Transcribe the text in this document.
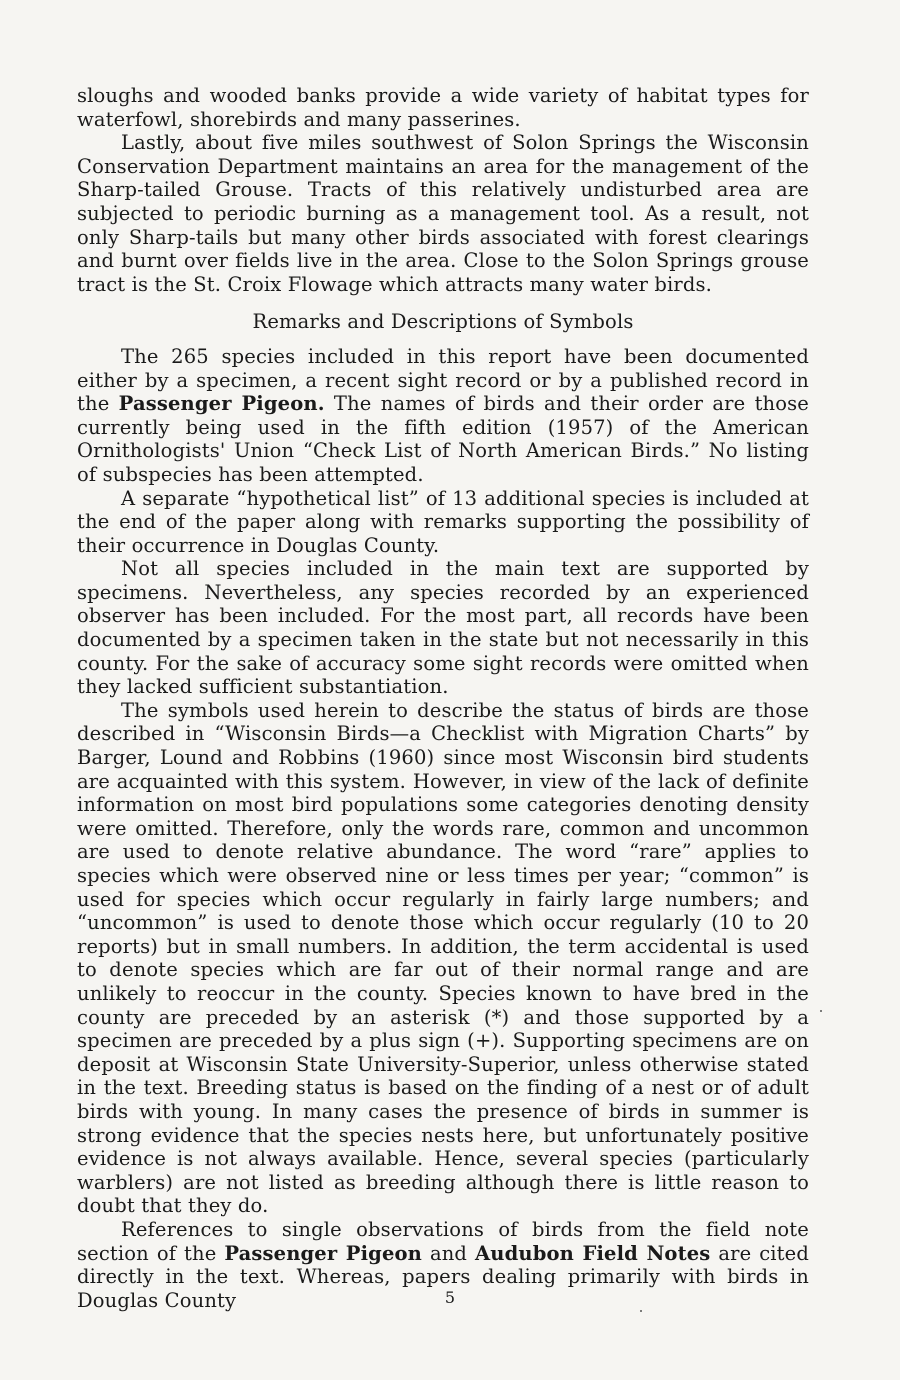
sloughs and wooded banks provide a wide variety of habitat types for waterfowl, shorebirds and many passerines.

Lastly, about five miles southwest of Solon Springs the Wisconsin Conservation Department maintains an area for the management of the Sharp-tailed Grouse. Tracts of this relatively undisturbed area are subjected to periodic burning as a management tool. As a result, not only Sharp-tails but many other birds associated with forest clearings and burnt over fields live in the area. Close to the Solon Springs grouse tract is the St. Croix Flowage which attracts many water birds.

Remarks and Descriptions of Symbols

The 265 species included in this report have been documented either by a specimen, a recent sight record or by a published record in the Passenger Pigeon. The names of birds and their order are those currently being used in the fifth edition (1957) of the American Ornithologists' Union “Check List of North American Birds.” No listing of subspecies has been attempted.

A separate “hypothetical list” of 13 additional species is included at the end of the paper along with remarks supporting the possibility of their occurrence in Douglas County.

Not all species included in the main text are supported by specimens. Nevertheless, any species recorded by an experienced observer has been included. For the most part, all records have been documented by a specimen taken in the state but not necessarily in this county. For the sake of accuracy some sight records were omitted when they lacked sufficient substantiation.

The symbols used herein to describe the status of birds are those described in “Wisconsin Birds—a Checklist with Migration Charts” by Barger, Lound and Robbins (1960) since most Wisconsin bird students are acquainted with this system. However, in view of the lack of definite information on most bird populations some categories denoting density were omitted. Therefore, only the words rare, common and uncommon are used to denote relative abundance. The word “rare” applies to species which were observed nine or less times per year; “common” is used for species which occur regularly in fairly large numbers; and “uncommon” is used to denote those which occur regularly (10 to 20 reports) but in small numbers. In addition, the term accidental is used to denote species which are far out of their normal range and are unlikely to reoccur in the county. Species known to have bred in the county are preceded by an asterisk (*) and those supported by a specimen are preceded by a plus sign (+). Supporting specimens are on deposit at Wisconsin State University-Superior, unless otherwise stated in the text. Breeding status is based on the finding of a nest or of adult birds with young. In many cases the presence of birds in summer is strong evidence that the species nests here, but unfortunately positive evidence is not always available. Hence, several species (particularly warblers) are not listed as breeding although there is little reason to doubt that they do.

References to single observations of birds from the field note section of the Passenger Pigeon and Audubon Field Notes are cited directly in the text. Whereas, papers dealing primarily with birds in Douglas County	5
